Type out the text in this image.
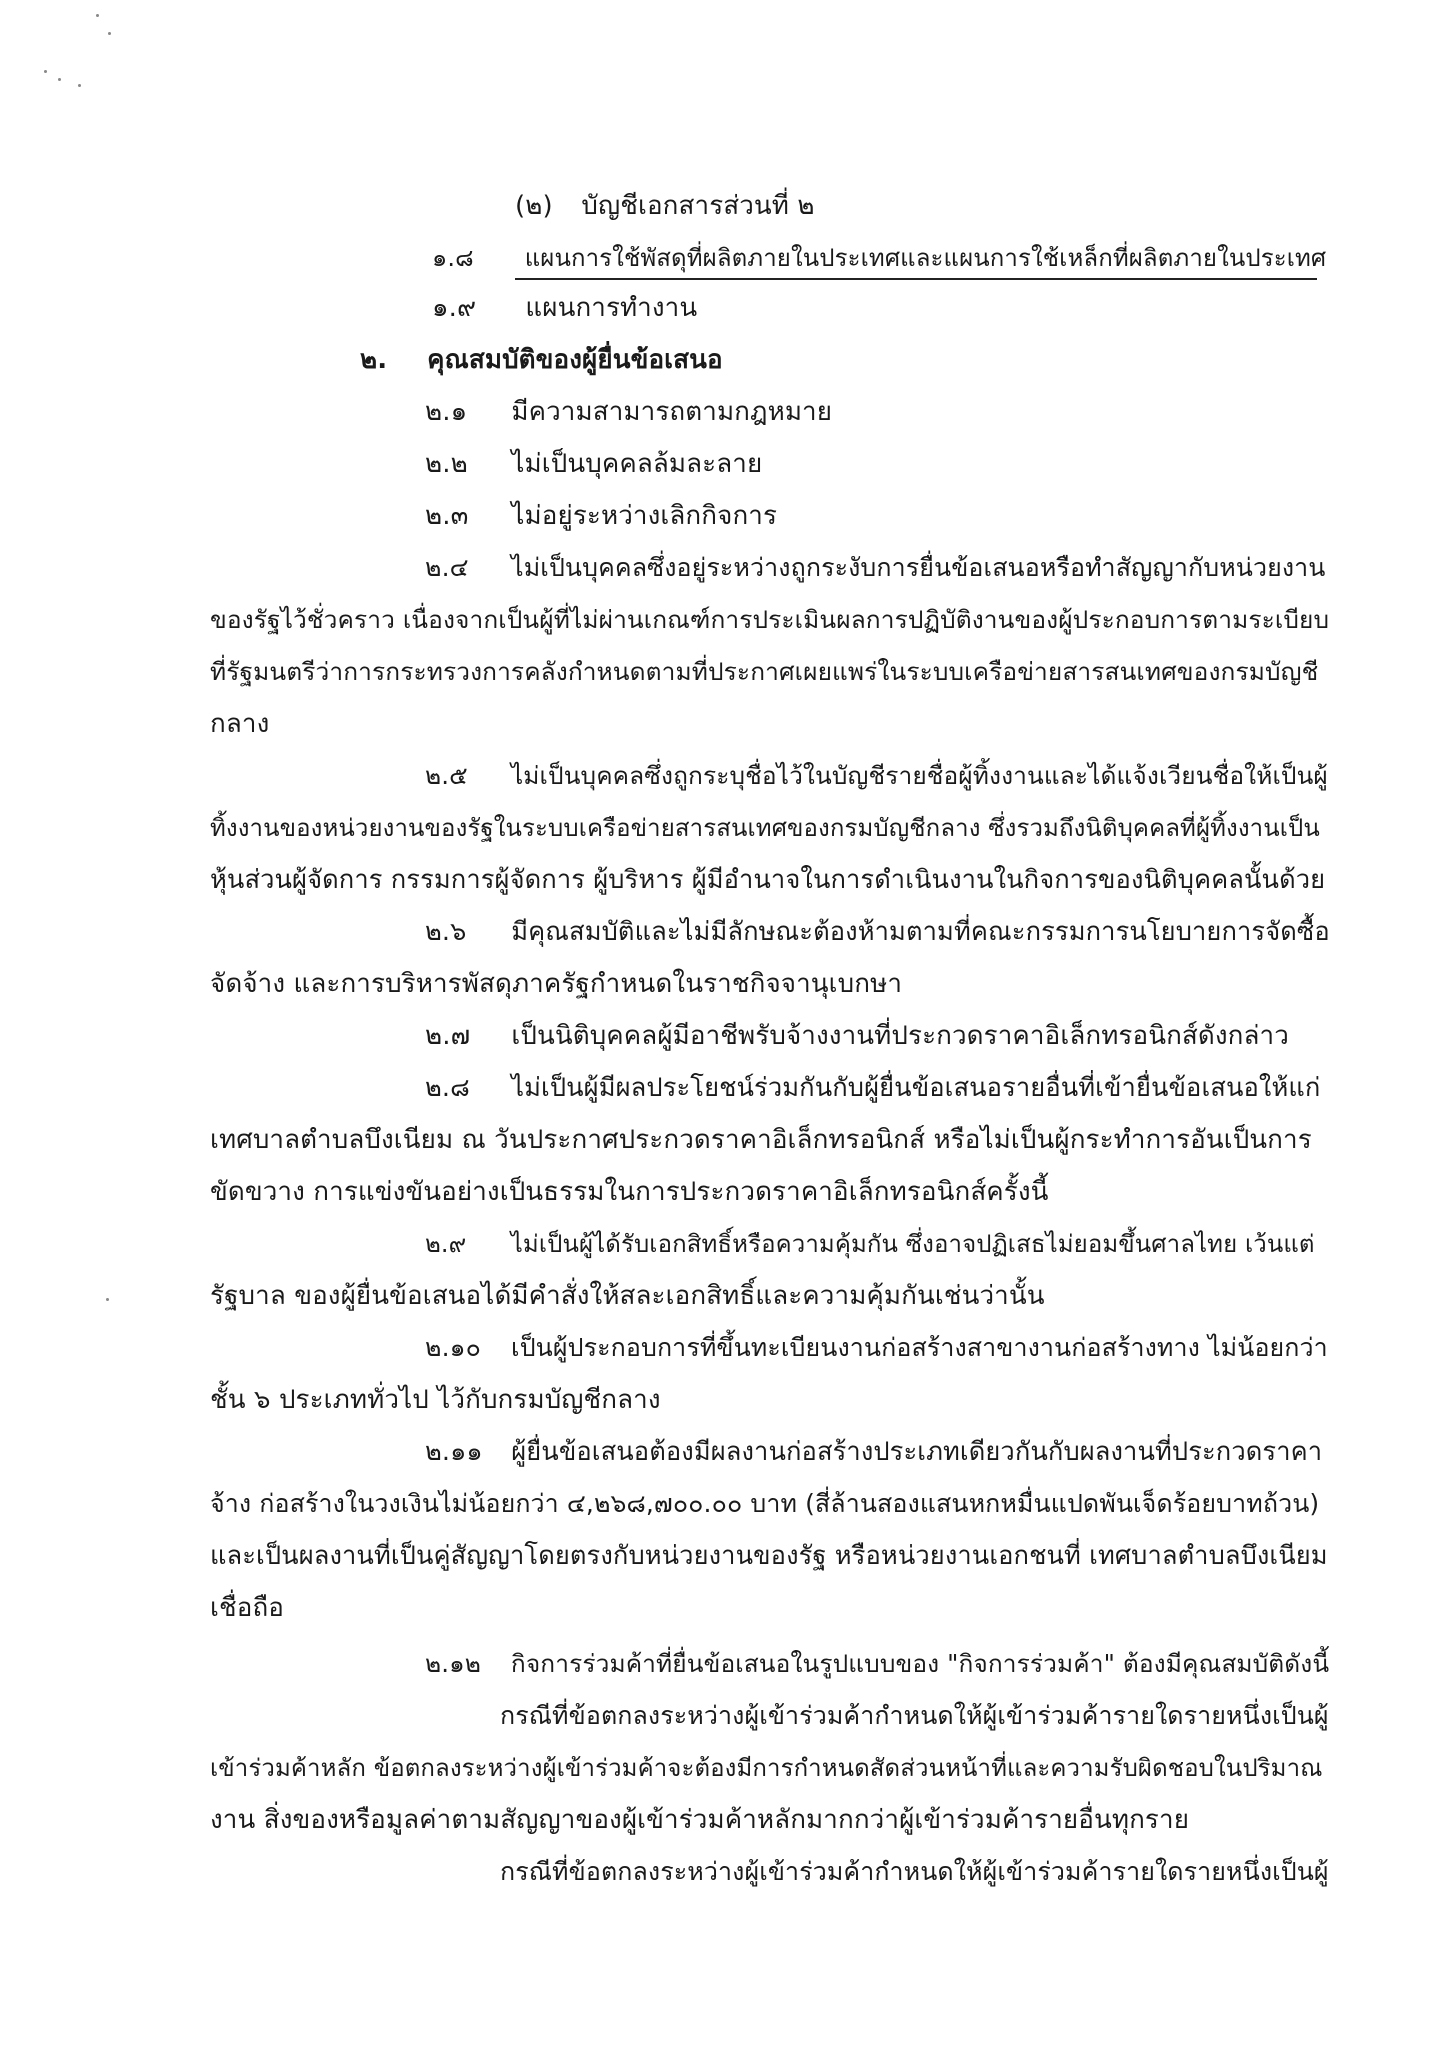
(๒) บัญชีเอกสารส่วนที่ ๒
๑.๘ แผนการใช้พัสดุที่ผลิตภายในประเทศและแผนการใช้เหล็กที่ผลิตภายในประเทศ
๑.๙ แผนการทำงาน
๒. คุณสมบัติของผู้ยื่นข้อเสนอ
๒.๑ มีความสามารถตามกฎหมาย
๒.๒ ไม่เป็นบุคคลล้มละลาย
๒.๓ ไม่อยู่ระหว่างเลิกกิจการ
๒.๔ ไม่เป็นบุคคลซึ่งอยู่ระหว่างถูกระงับการยื่นข้อเสนอหรือทำสัญญากับหน่วยงาน
ของรัฐไว้ชั่วคราว เนื่องจากเป็นผู้ที่ไม่ผ่านเกณฑ์การประเมินผลการปฏิบัติงานของผู้ประกอบการตามระเบียบ
ที่รัฐมนตรีว่าการกระทรวงการคลังกำหนดตามที่ประกาศเผยแพร่ในระบบเครือข่ายสารสนเทศของกรมบัญชี
กลาง
๒.๕ ไม่เป็นบุคคลซึ่งถูกระบุชื่อไว้ในบัญชีรายชื่อผู้ทิ้งงานและได้แจ้งเวียนชื่อให้เป็นผู้
ทิ้งงานของหน่วยงานของรัฐในระบบเครือข่ายสารสนเทศของกรมบัญชีกลาง ซึ่งรวมถึงนิติบุคคลที่ผู้ทิ้งงานเป็น
หุ้นส่วนผู้จัดการ กรรมการผู้จัดการ ผู้บริหาร ผู้มีอำนาจในการดำเนินงานในกิจการของนิติบุคคลนั้นด้วย
๒.๖ มีคุณสมบัติและไม่มีลักษณะต้องห้ามตามที่คณะกรรมการนโยบายการจัดซื้อ
จัดจ้าง และการบริหารพัสดุภาครัฐกำหนดในราชกิจจานุเบกษา
๒.๗ เป็นนิติบุคคลผู้มีอาชีพรับจ้างงานที่ประกวดราคาอิเล็กทรอนิกส์ดังกล่าว
๒.๘ ไม่เป็นผู้มีผลประโยชน์ร่วมกันกับผู้ยื่นข้อเสนอรายอื่นที่เข้ายื่นข้อเสนอให้แก่
เทศบาลตำบลบึงเนียม ณ วันประกาศประกวดราคาอิเล็กทรอนิกส์ หรือไม่เป็นผู้กระทำการอันเป็นการ
ขัดขวาง การแข่งขันอย่างเป็นธรรมในการประกวดราคาอิเล็กทรอนิกส์ครั้งนี้
๒.๙ ไม่เป็นผู้ได้รับเอกสิทธิ์หรือความคุ้มกัน ซึ่งอาจปฏิเสธไม่ยอมขึ้นศาลไทย เว้นแต่
รัฐบาล ของผู้ยื่นข้อเสนอได้มีคำสั่งให้สละเอกสิทธิ์และความคุ้มกันเช่นว่านั้น
๒.๑๐ เป็นผู้ประกอบการที่ขึ้นทะเบียนงานก่อสร้างสาขางานก่อสร้างทาง ไม่น้อยกว่า
ชั้น ๖ ประเภททั่วไป ไว้กับกรมบัญชีกลาง
๒.๑๑ ผู้ยื่นข้อเสนอต้องมีผลงานก่อสร้างประเภทเดียวกันกับผลงานที่ประกวดราคา
จ้าง ก่อสร้างในวงเงินไม่น้อยกว่า ๔,๒๖๘,๗๐๐.๐๐ บาท (สี่ล้านสองแสนหกหมื่นแปดพันเจ็ดร้อยบาทถ้วน)
และเป็นผลงานที่เป็นคู่สัญญาโดยตรงกับหน่วยงานของรัฐ หรือหน่วยงานเอกชนที่ เทศบาลตำบลบึงเนียม
เชื่อถือ
๒.๑๒ กิจการร่วมค้าที่ยื่นข้อเสนอในรูปแบบของ "กิจการร่วมค้า" ต้องมีคุณสมบัติดังนี้
กรณีที่ข้อตกลงระหว่างผู้เข้าร่วมค้ากำหนดให้ผู้เข้าร่วมค้ารายใดรายหนึ่งเป็นผู้
เข้าร่วมค้าหลัก ข้อตกลงระหว่างผู้เข้าร่วมค้าจะต้องมีการกำหนดสัดส่วนหน้าที่และความรับผิดชอบในปริมาณ
งาน สิ่งของหรือมูลค่าตามสัญญาของผู้เข้าร่วมค้าหลักมากกว่าผู้เข้าร่วมค้ารายอื่นทุกราย
กรณีที่ข้อตกลงระหว่างผู้เข้าร่วมค้ากำหนดให้ผู้เข้าร่วมค้ารายใดรายหนึ่งเป็นผู้
